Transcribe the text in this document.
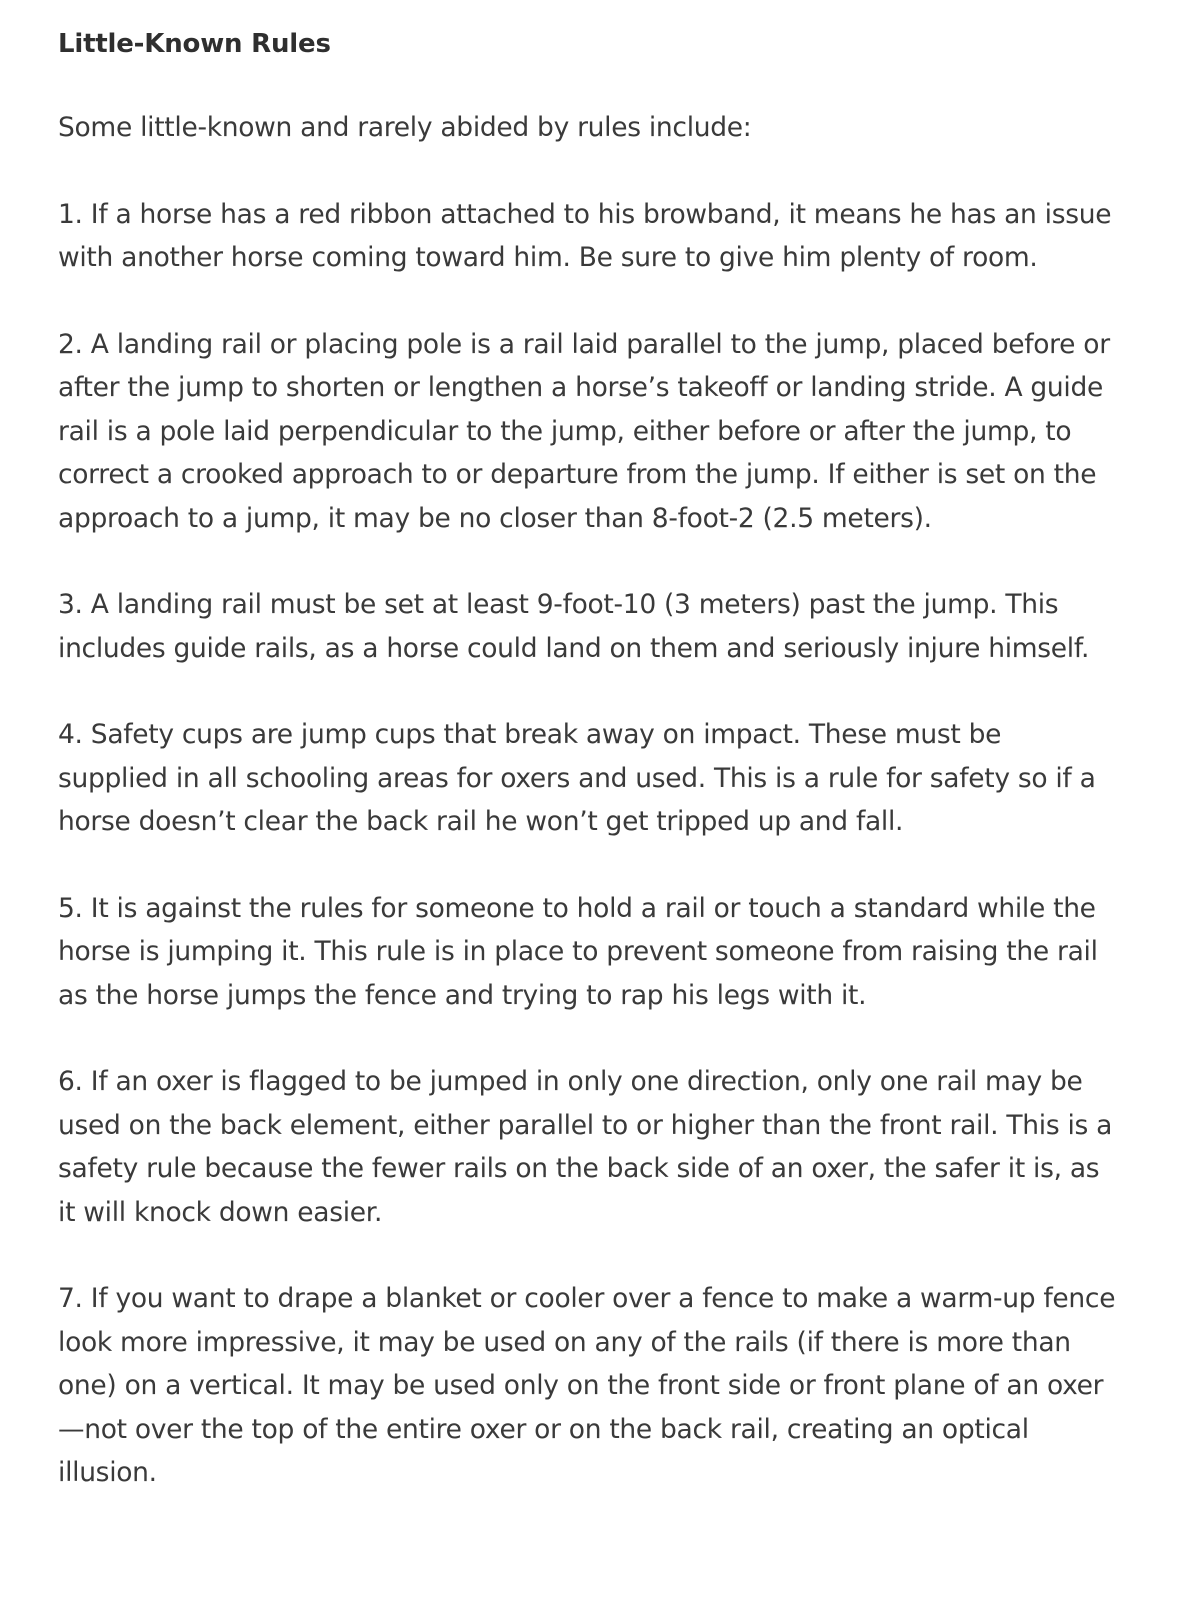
Little-Known Rules

Some little-known and rarely abided by rules include:

1. If a horse has a red ribbon attached to his browband, it means he has an issue with another horse coming toward him. Be sure to give him plenty of room.

2. A landing rail or placing pole is a rail laid parallel to the jump, placed before or after the jump to shorten or lengthen a horse’s takeoff or landing stride. A guide rail is a pole laid perpendicular to the jump, either before or after the jump, to correct a crooked approach to or departure from the jump. If either is set on the approach to a jump, it may be no closer than 8-foot-2 (2.5 meters).

3. A landing rail must be set at least 9-foot-10 (3 meters) past the jump. This includes guide rails, as a horse could land on them and seriously injure himself.

4. Safety cups are jump cups that break away on impact. These must be supplied in all schooling areas for oxers and used. This is a rule for safety so if a horse doesn’t clear the back rail he won’t get tripped up and fall.

5. It is against the rules for someone to hold a rail or touch a standard while the horse is jumping it. This rule is in place to prevent someone from raising the rail as the horse jumps the fence and trying to rap his legs with it.

6. If an oxer is flagged to be jumped in only one direction, only one rail may be used on the back element, either parallel to or higher than the front rail. This is a safety rule because the fewer rails on the back side of an oxer, the safer it is, as it will knock down easier.

7. If you want to drape a blanket or cooler over a fence to make a warm-up fence look more impressive, it may be used on any of the rails (if there is more than one) on a vertical. It may be used only on the front side or front plane of an oxer—not over the top of the entire oxer or on the back rail, creating an optical illusion.
